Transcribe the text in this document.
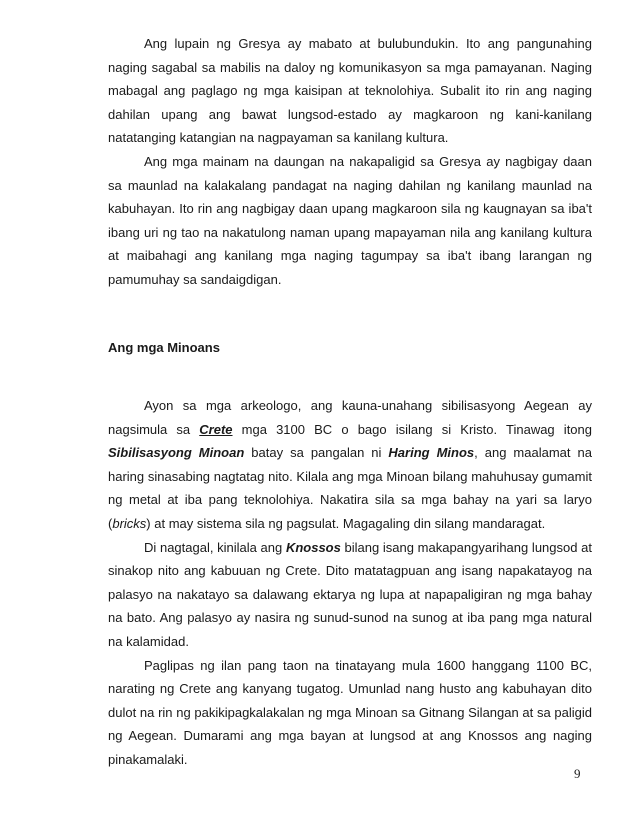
Ang lupain ng Gresya ay mabato at bulubundukin. Ito ang pangunahing naging sagabal sa mabilis na daloy ng komunikasyon sa mga pamayanan. Naging mabagal ang paglago ng mga kaisipan at teknolohiya. Subalit ito rin ang naging dahilan upang ang bawat lungsod-estado ay magkaroon ng kani-kanilang natatanging katangian na nagpayaman sa kanilang kultura.

Ang mga mainam na daungan na nakapaligid sa Gresya ay nagbigay daan sa maunlad na kalakalang pandagat na naging dahilan ng kanilang maunlad na kabuhayan. Ito rin ang nagbigay daan upang magkaroon sila ng kaugnayan sa iba't ibang uri ng tao na nakatulong naman upang mapayaman nila ang kanilang kultura at maibahagi ang kanilang mga naging tagumpay sa iba't ibang larangan ng pamumuhay sa sandaigdigan.

Ang mga Minoans

Ayon sa mga arkeologo, ang kauna-unahang sibilisasyong Aegean ay nagsimula sa Crete mga 3100 BC o bago isilang si Kristo. Tinawag itong Sibilisasyong Minoan batay sa pangalan ni Haring Minos, ang maalamat na haring sinasabing nagtatag nito. Kilala ang mga Minoan bilang mahuhusay gumamit ng metal at iba pang teknolohiya. Nakatira sila sa mga bahay na yari sa laryo (bricks) at may sistema sila ng pagsulat. Magagaling din silang mandaragat.

Di nagtagal, kinilala ang Knossos bilang isang makapangyarihang lungsod at sinakop nito ang kabuuan ng Crete. Dito matatagpuan ang isang napakatayog na palasyo na nakatayo sa dalawang ektarya ng lupa at napapaligiran ng mga bahay na bato. Ang palasyo ay nasira ng sunud-sunod na sunog at iba pang mga natural na kalamidad.

Paglipas ng ilan pang taon na tinatayang mula 1600 hanggang 1100 BC, narating ng Crete ang kanyang tugatog. Umunlad nang husto ang kabuhayan dito dulot na rin ng pakikipagkalakalan ng mga Minoan sa Gitnang Silangan at sa paligid ng Aegean. Dumarami ang mga bayan at lungsod at ang Knossos ang naging pinakamalaki.

9
